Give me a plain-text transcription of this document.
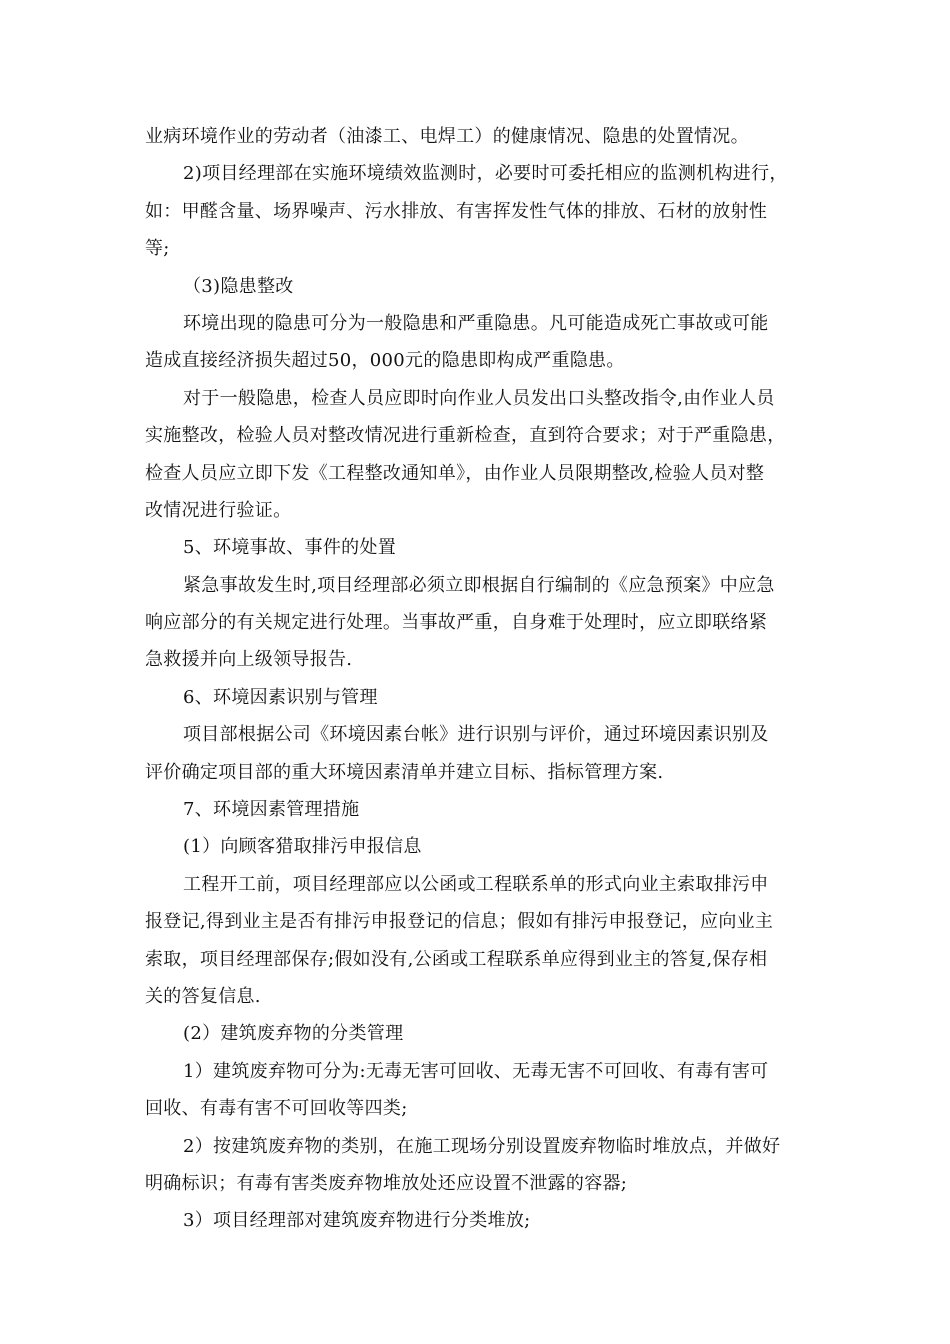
业病环境作业的劳动者（油漆工、电焊工）的健康情况、隐患的处置情况。
2)项目经理部在实施环境绩效监测时，必要时可委托相应的监测机构进行，
如：甲醛含量、场界噪声、污水排放、有害挥发性气体的排放、石材的放射性
等;
（3)隐患整改
环境出现的隐患可分为一般隐患和严重隐患。凡可能造成死亡事故或可能
造成直接经济损失超过50，000元的隐患即构成严重隐患。
对于一般隐患，检查人员应即时向作业人员发出口头整改指令,由作业人员
实施整改，检验人员对整改情况进行重新检查，直到符合要求；对于严重隐患，
检查人员应立即下发《工程整改通知单》，由作业人员限期整改,检验人员对整
改情况进行验证。
5、环境事故、事件的处置
紧急事故发生时,项目经理部必须立即根据自行编制的《应急预案》中应急
响应部分的有关规定进行处理。当事故严重，自身难于处理时，应立即联络紧
急救援并向上级领导报告.
6、环境因素识别与管理
项目部根据公司《环境因素台帐》进行识别与评价，通过环境因素识别及
评价确定项目部的重大环境因素清单并建立目标、指标管理方案.
7、环境因素管理措施
(1）向顾客猎取排污申报信息
工程开工前，项目经理部应以公函或工程联系单的形式向业主索取排污申
报登记,得到业主是否有排污申报登记的信息；假如有排污申报登记，应向业主
索取，项目经理部保存;假如没有,公函或工程联系单应得到业主的答复,保存相
关的答复信息.
(2）建筑废弃物的分类管理
1）建筑废弃物可分为:无毒无害可回收、无毒无害不可回收、有毒有害可
回收、有毒有害不可回收等四类;
2）按建筑废弃物的类别，在施工现场分别设置废弃物临时堆放点，并做好
明确标识；有毒有害类废弃物堆放处还应设置不泄露的容器;
3）项目经理部对建筑废弃物进行分类堆放;
